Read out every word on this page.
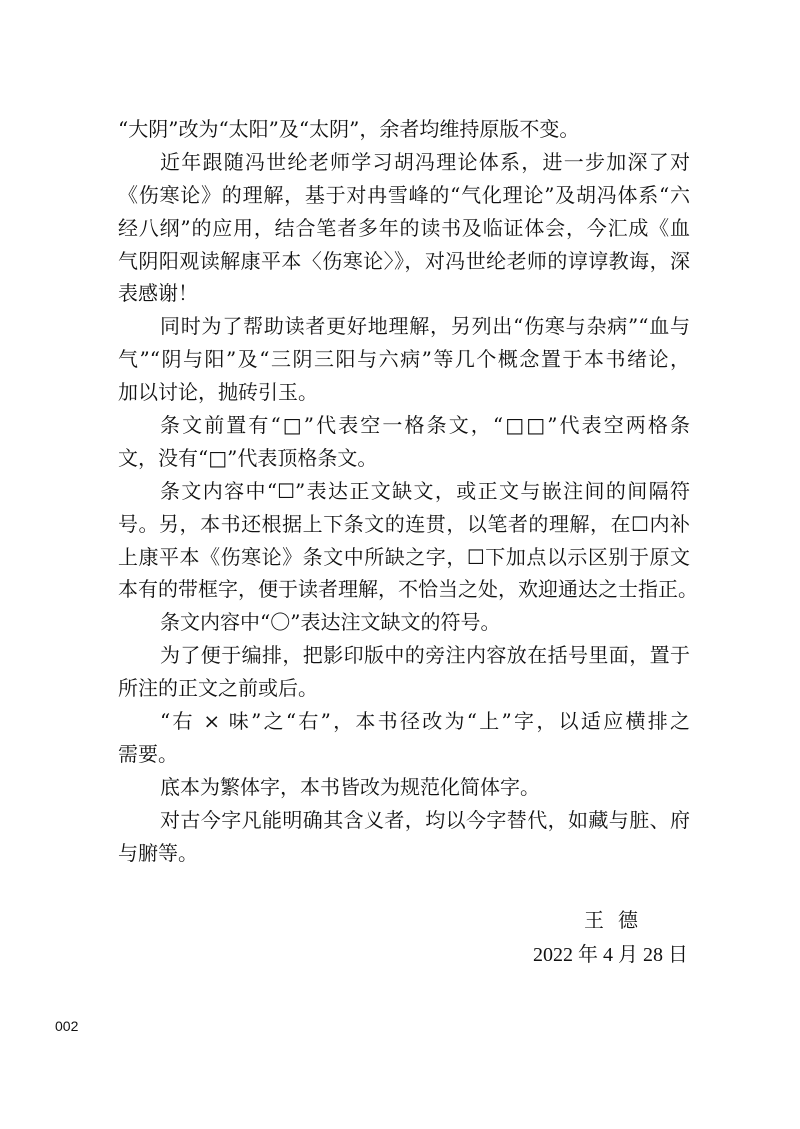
“大阴”改为“太阳”及“太阴”，余者均维持原版不变。
近年跟随冯世纶老师学习胡冯理论体系，进一步加深了对
《伤寒论》的理解，基于对冉雪峰的“气化理论”及胡冯体系“六
经八纲”的应用，结合笔者多年的读书及临证体会，今汇成《血
气阴阳观读解康平本〈伤寒论〉》，对冯世纶老师的谆谆教诲，深
表感谢！
同时为了帮助读者更好地理解，另列出“伤寒与杂病”“血与
气”“阴与阳”及“三阴三阳与六病”等几个概念置于本书绪论，
加以讨论，抛砖引玉。
条文前置有“□”代表空一格条文，“□□”代表空两格条
文，没有“□”代表顶格条文。
条文内容中“☐”表达正文缺文，或正文与嵌注间的间隔符
号。另，本书还根据上下条文的连贯，以笔者的理解，在☐内补
上康平本《伤寒论》条文中所缺之字，☐下加点以示区别于原文
本有的带框字，便于读者理解，不恰当之处，欢迎通达之士指正。
条文内容中“〇”表达注文缺文的符号。
为了便于编排，把影印版中的旁注内容放在括号里面，置于
所注的正文之前或后。
“右 × 味”之“右”，本书径改为“上”字，以适应横排之
需要。
底本为繁体字，本书皆改为规范化简体字。
对古今字凡能明确其含义者，均以今字替代，如藏与脏、府
与腑等。
王德
2022 年 4 月 28 日
002
